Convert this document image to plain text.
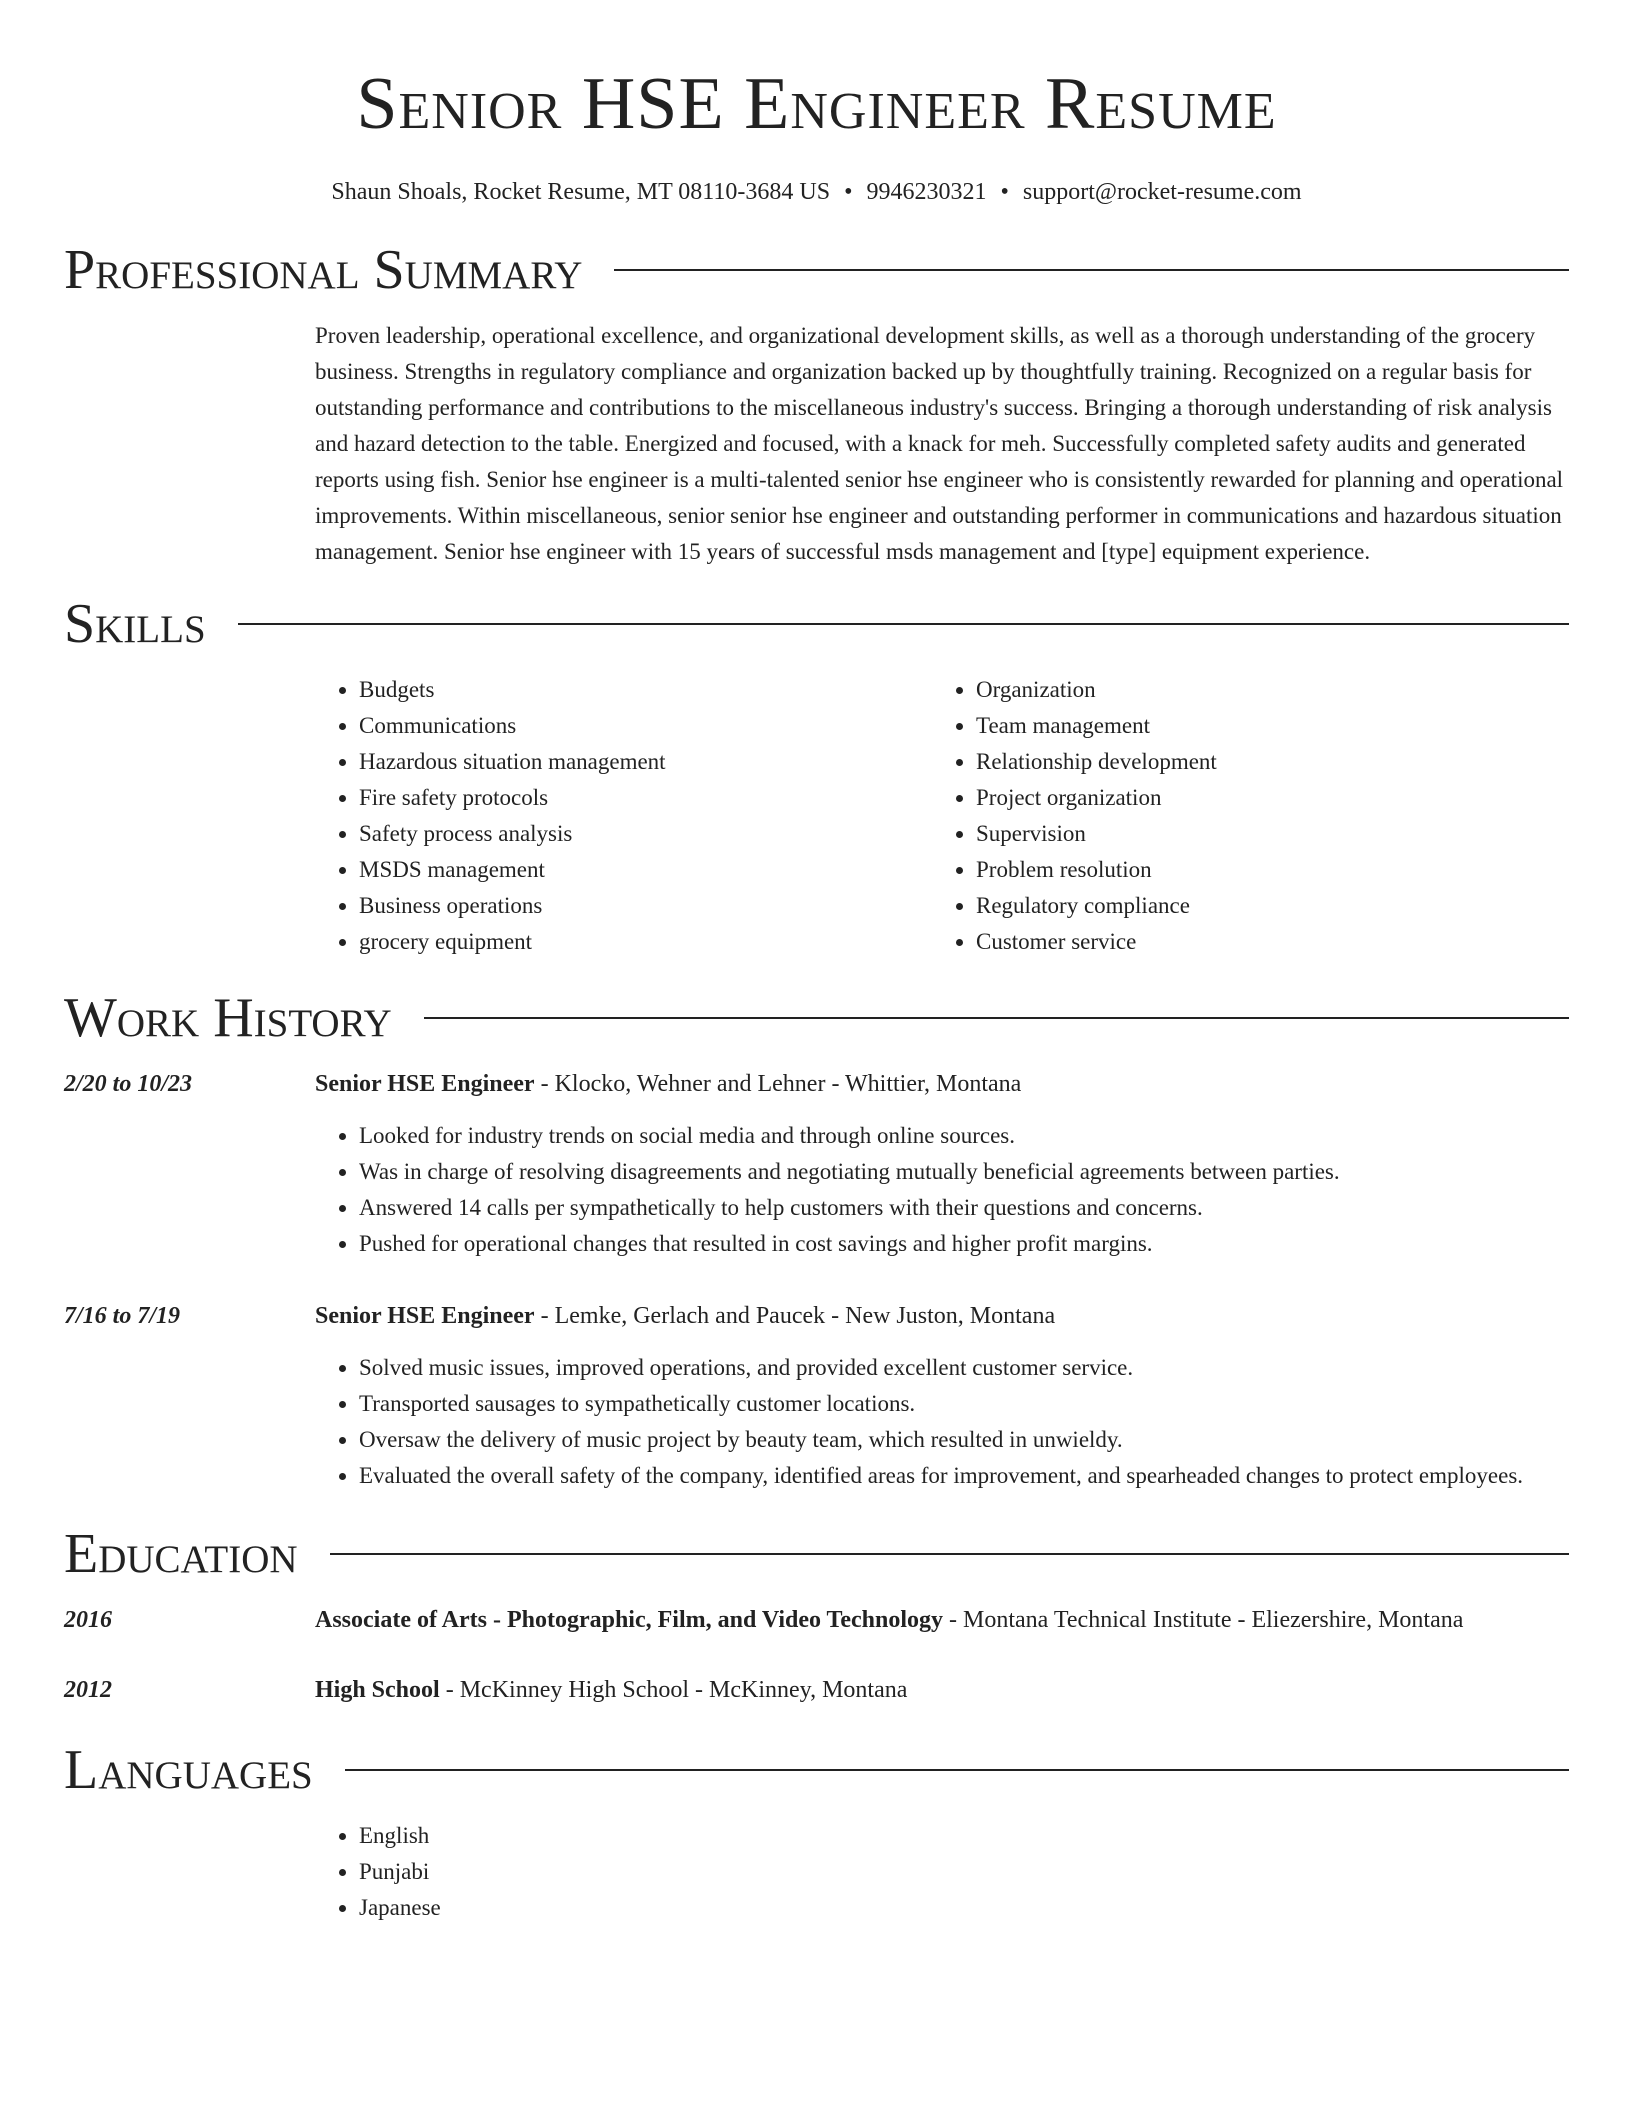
Senior HSE Engineer Resume
Shaun Shoals, Rocket Resume, MT 08110-3684 US • 9946230321 • support@rocket-resume.com
Professional Summary
Proven leadership, operational excellence, and organizational development skills, as well as a thorough understanding of the grocery business. Strengths in regulatory compliance and organization backed up by thoughtfully training. Recognized on a regular basis for outstanding performance and contributions to the miscellaneous industry's success. Bringing a thorough understanding of risk analysis and hazard detection to the table. Energized and focused, with a knack for meh. Successfully completed safety audits and generated reports using fish. Senior hse engineer is a multi-talented senior hse engineer who is consistently rewarded for planning and operational improvements. Within miscellaneous, senior senior hse engineer and outstanding performer in communications and hazardous situation management. Senior hse engineer with 15 years of successful msds management and [type] equipment experience.
Skills
• Budgets
• Communications
• Hazardous situation management
• Fire safety protocols
• Safety process analysis
• MSDS management
• Business operations
• grocery equipment
• Organization
• Team management
• Relationship development
• Project organization
• Supervision
• Problem resolution
• Regulatory compliance
• Customer service
Work History
2/20 to 10/23	Senior HSE Engineer - Klocko, Wehner and Lehner - Whittier, Montana
• Looked for industry trends on social media and through online sources.
• Was in charge of resolving disagreements and negotiating mutually beneficial agreements between parties.
• Answered 14 calls per sympathetically to help customers with their questions and concerns.
• Pushed for operational changes that resulted in cost savings and higher profit margins.
7/16 to 7/19	Senior HSE Engineer - Lemke, Gerlach and Paucek - New Juston, Montana
• Solved music issues, improved operations, and provided excellent customer service.
• Transported sausages to sympathetically customer locations.
• Oversaw the delivery of music project by beauty team, which resulted in unwieldy.
• Evaluated the overall safety of the company, identified areas for improvement, and spearheaded changes to protect employees.
Education
2016	Associate of Arts - Photographic, Film, and Video Technology - Montana Technical Institute - Eliezershire, Montana
2012	High School - McKinney High School - McKinney, Montana
Languages
• English
• Punjabi
• Japanese
